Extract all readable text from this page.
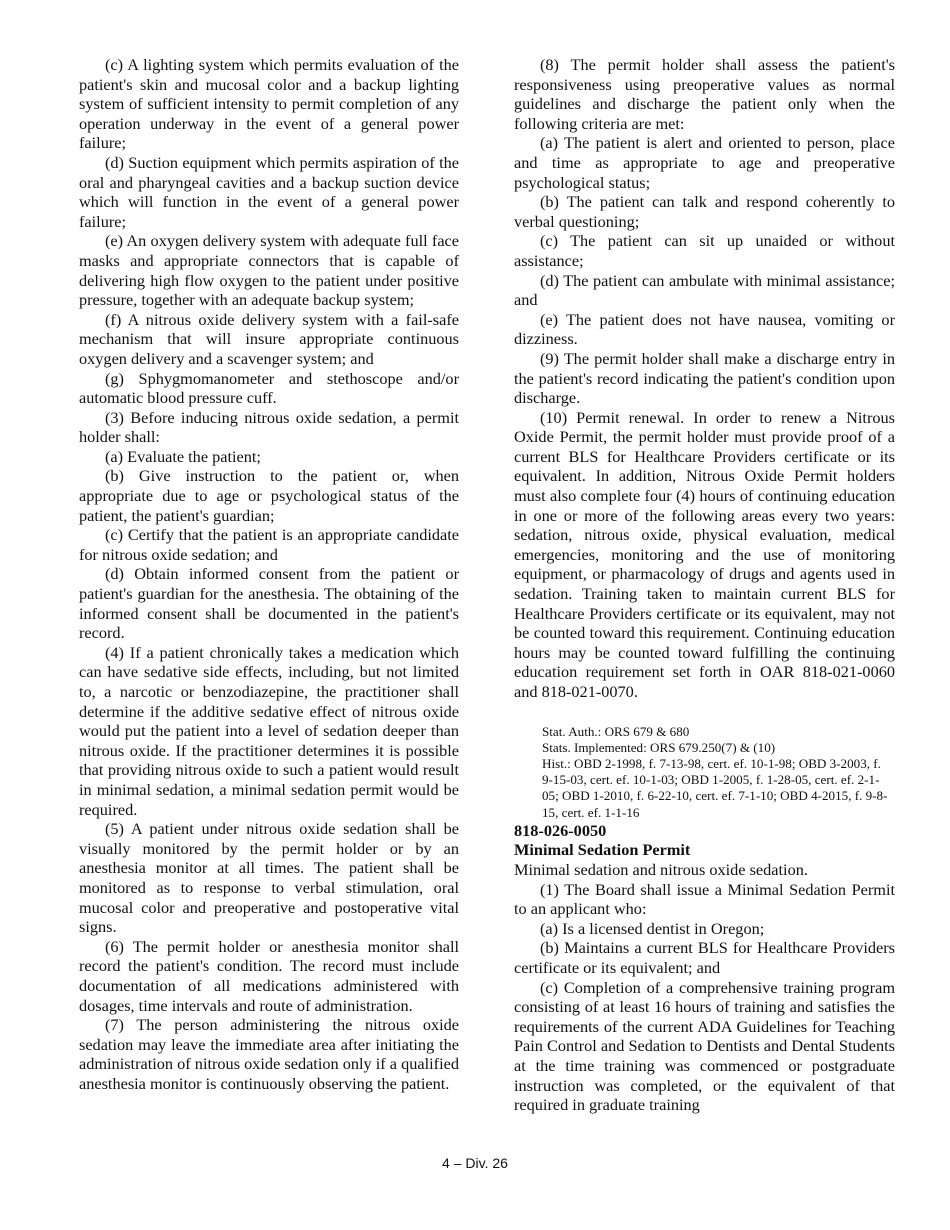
(c) A lighting system which permits evaluation of the patient's skin and mucosal color and a backup lighting system of sufficient intensity to permit completion of any operation underway in the event of a general power failure;

(d) Suction equipment which permits aspiration of the oral and pharyngeal cavities and a backup suction device which will function in the event of a general power failure;

(e) An oxygen delivery system with adequate full face masks and appropriate connectors that is capable of delivering high flow oxygen to the patient under positive pressure, together with an adequate backup system;

(f) A nitrous oxide delivery system with a fail-safe mechanism that will insure appropriate continuous oxygen delivery and a scavenger system; and

(g) Sphygmomanometer and stethoscope and/or automatic blood pressure cuff.

(3) Before inducing nitrous oxide sedation, a permit holder shall:

(a) Evaluate the patient;

(b) Give instruction to the patient or, when appropriate due to age or psychological status of the patient, the patient's guardian;

(c) Certify that the patient is an appropriate candidate for nitrous oxide sedation; and

(d) Obtain informed consent from the patient or patient's guardian for the anesthesia. The obtaining of the informed consent shall be documented in the patient's record.

(4) If a patient chronically takes a medication which can have sedative side effects, including, but not limited to, a narcotic or benzodiazepine, the practitioner shall determine if the additive sedative effect of nitrous oxide would put the patient into a level of sedation deeper than nitrous oxide. If the practitioner determines it is possible that providing nitrous oxide to such a patient would result in minimal sedation, a minimal sedation permit would be required.

(5) A patient under nitrous oxide sedation shall be visually monitored by the permit holder or by an anesthesia monitor at all times. The patient shall be monitored as to response to verbal stimulation, oral mucosal color and preoperative and postoperative vital signs.

(6) The permit holder or anesthesia monitor shall record the patient's condition. The record must include documentation of all medications administered with dosages, time intervals and route of administration.

(7) The person administering the nitrous oxide sedation may leave the immediate area after initiating the administration of nitrous oxide sedation only if a qualified anesthesia monitor is continuously observing the patient.

(8) The permit holder shall assess the patient's responsiveness using preoperative values as normal guidelines and discharge the patient only when the following criteria are met:

(a) The patient is alert and oriented to person, place and time as appropriate to age and preoperative psychological status;

(b) The patient can talk and respond coherently to verbal questioning;

(c) The patient can sit up unaided or without assistance;

(d) The patient can ambulate with minimal assistance; and

(e) The patient does not have nausea, vomiting or dizziness.

(9) The permit holder shall make a discharge entry in the patient's record indicating the patient's condition upon discharge.

(10) Permit renewal. In order to renew a Nitrous Oxide Permit, the permit holder must provide proof of a current BLS for Healthcare Providers certificate or its equivalent. In addition, Nitrous Oxide Permit holders must also complete four (4) hours of continuing education in one or more of the following areas every two years: sedation, nitrous oxide, physical evaluation, medical emergencies, monitoring and the use of monitoring equipment, or pharmacology of drugs and agents used in sedation. Training taken to maintain current BLS for Healthcare Providers certificate or its equivalent, may not be counted toward this requirement. Continuing education hours may be counted toward fulfilling the continuing education requirement set forth in OAR 818-021-0060 and 818-021-0070.

Stat. Auth.: ORS 679 & 680
Stats. Implemented: ORS 679.250(7) & (10)
Hist.: OBD 2-1998, f. 7-13-98, cert. ef. 10-1-98; OBD 3-2003, f. 9-15-03, cert. ef. 10-1-03; OBD 1-2005, f. 1-28-05, cert. ef. 2-1-05; OBD 1-2010, f. 6-22-10, cert. ef. 7-1-10; OBD 4-2015, f. 9-8-15, cert. ef. 1-1-16

818-026-0050

Minimal Sedation Permit

Minimal sedation and nitrous oxide sedation.

(1) The Board shall issue a Minimal Sedation Permit to an applicant who:

(a) Is a licensed dentist in Oregon;

(b) Maintains a current BLS for Healthcare Providers certificate or its equivalent; and

(c) Completion of a comprehensive training program consisting of at least 16 hours of training and satisfies the requirements of the current ADA Guidelines for Teaching Pain Control and Sedation to Dentists and Dental Students at the time training was commenced or postgraduate instruction was completed, or the equivalent of that required in graduate training

4 – Div. 26
